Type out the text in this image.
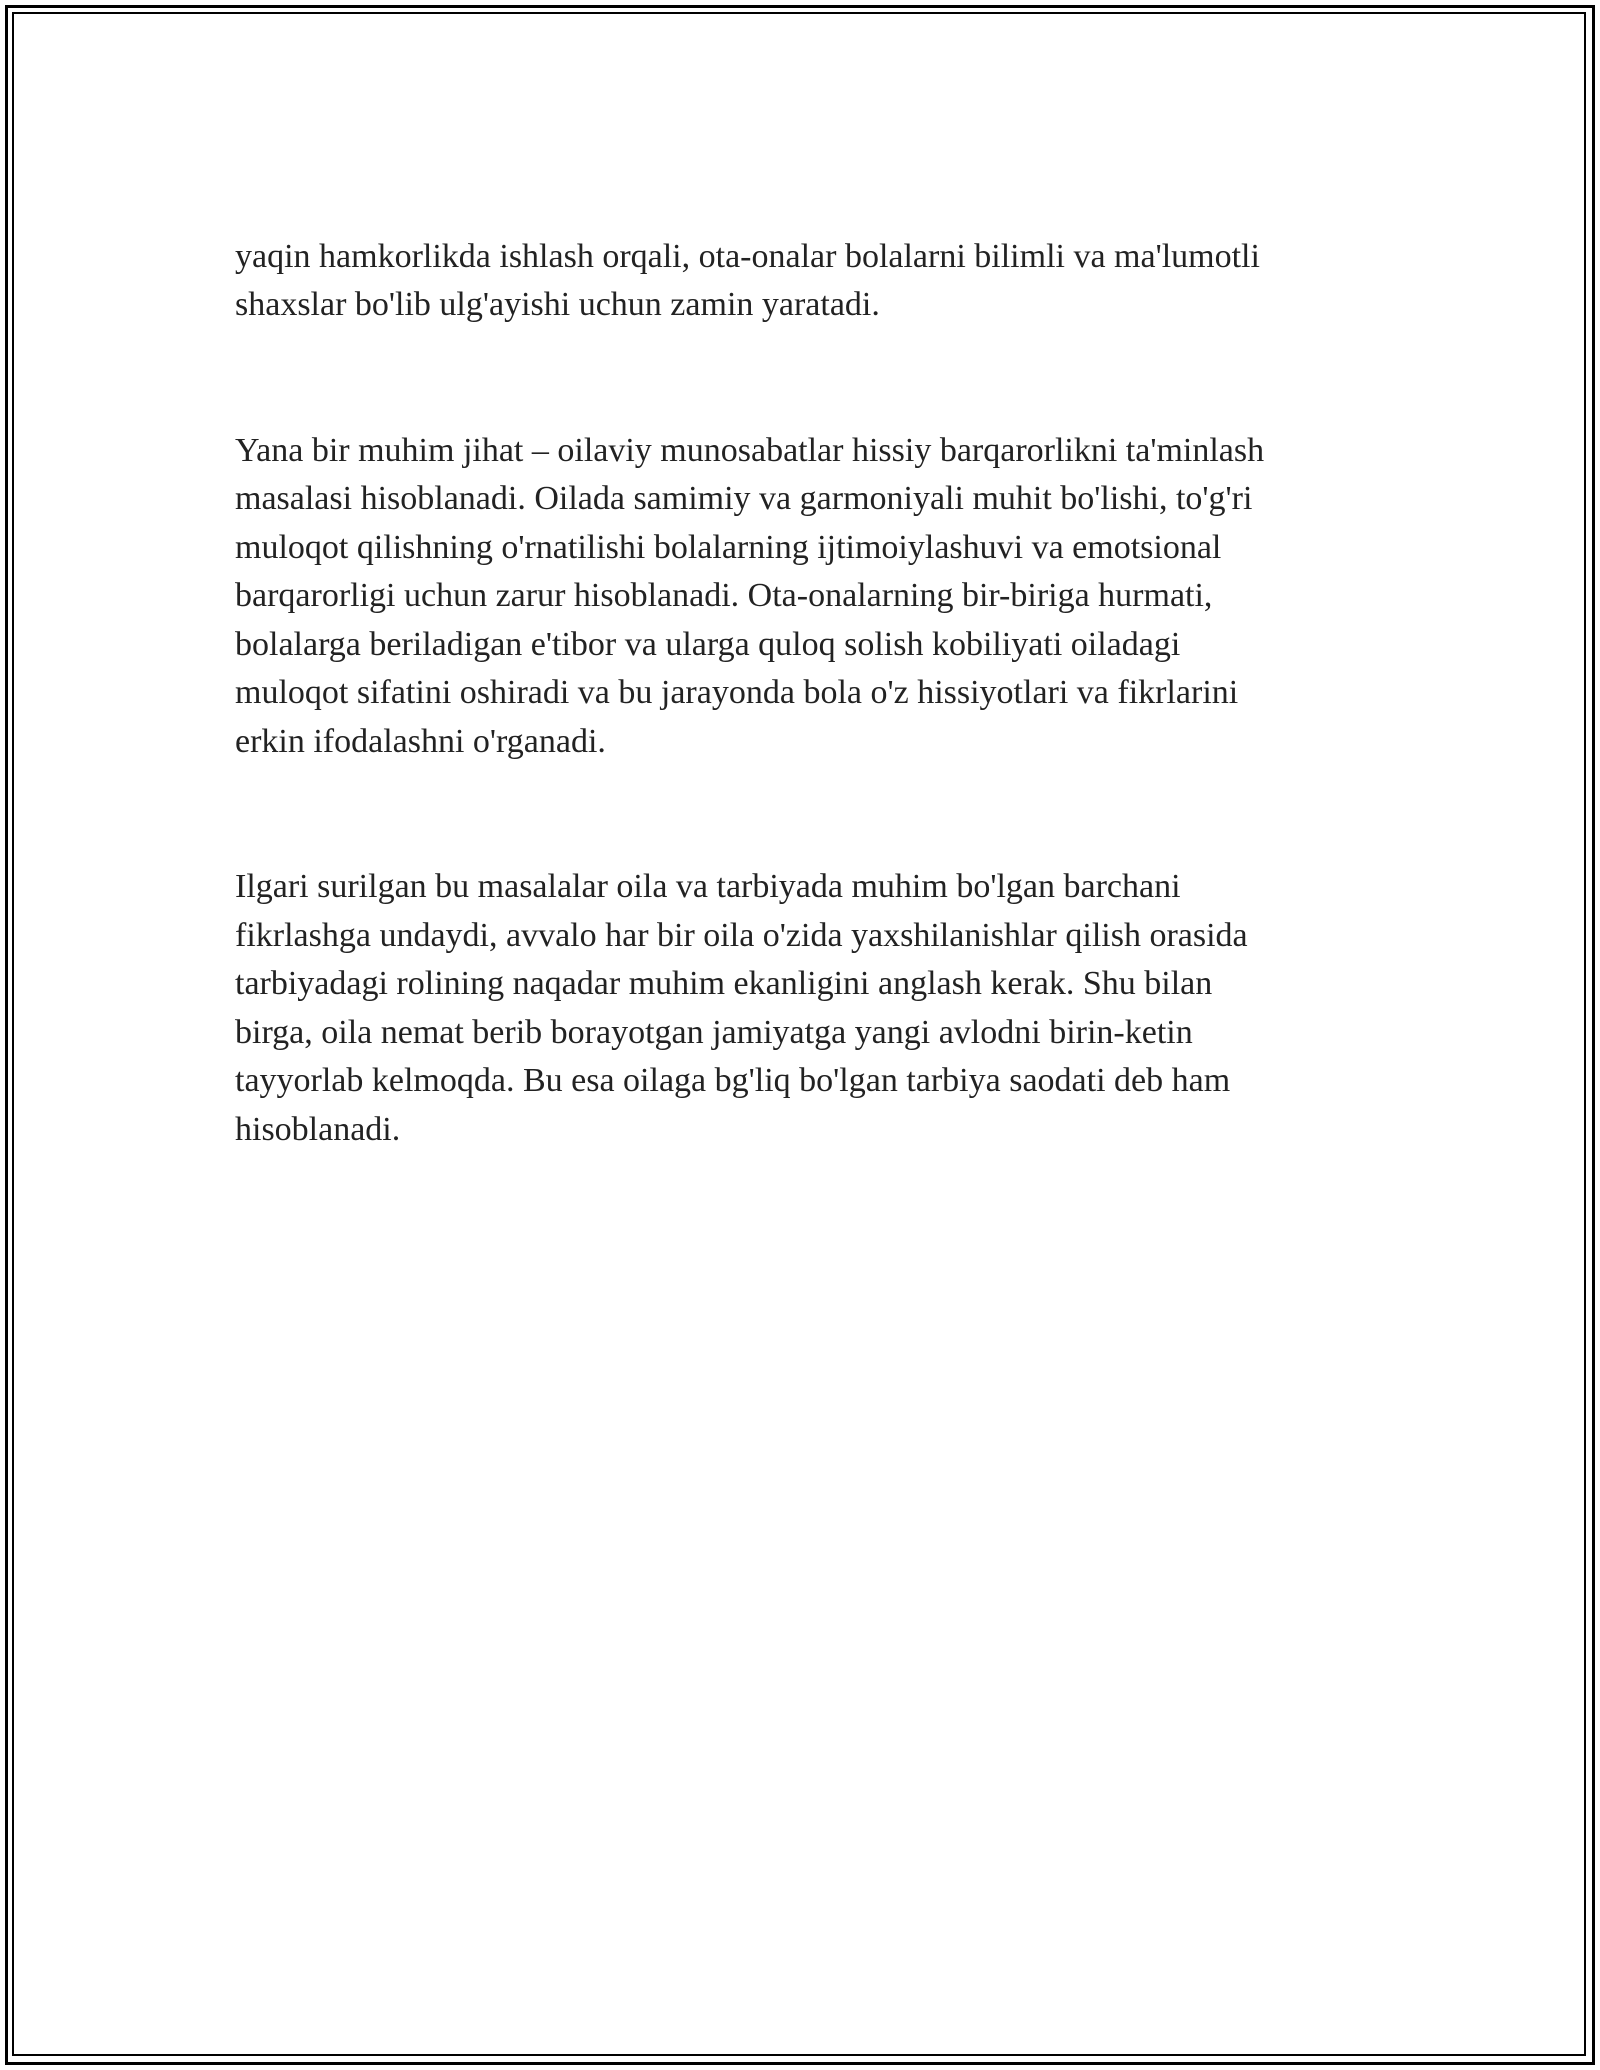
yaqin hamkorlikda ishlash orqali, ota-onalar bolalarni bilimli va ma'lumotli
shaxslar bo'lib ulg'ayishi uchun zamin yaratadi.

Yana bir muhim jihat – oilaviy munosabatlar hissiy barqarorlikni ta'minlash
masalasi hisoblanadi. Oilada samimiy va garmoniyali muhit bo'lishi, to'g'ri
muloqot qilishning o'rnatilishi bolalarning ijtimoiylashuvi va emotsional
barqarorligi uchun zarur hisoblanadi. Ota-onalarning bir-biriga hurmati,
bolalarga beriladigan e'tibor va ularga quloq solish kobiliyati oiladagi
muloqot sifatini oshiradi va bu jarayonda bola o'z hissiyotlari va fikrlarini
erkin ifodalashni o'rganadi.

Ilgari surilgan bu masalalar oila va tarbiyada muhim bo'lgan barchani
fikrlashga undaydi, avvalo har bir oila o'zida yaxshilanishlar qilish orasida
tarbiyadagi rolining naqadar muhim ekanligini anglash kerak. Shu bilan
birga, oila nemat berib borayotgan jamiyatga yangi avlodni birin-ketin
tayyorlab kelmoqda. Bu esa oilaga bg'liq bo'lgan tarbiya saodati deb ham
hisoblanadi.
